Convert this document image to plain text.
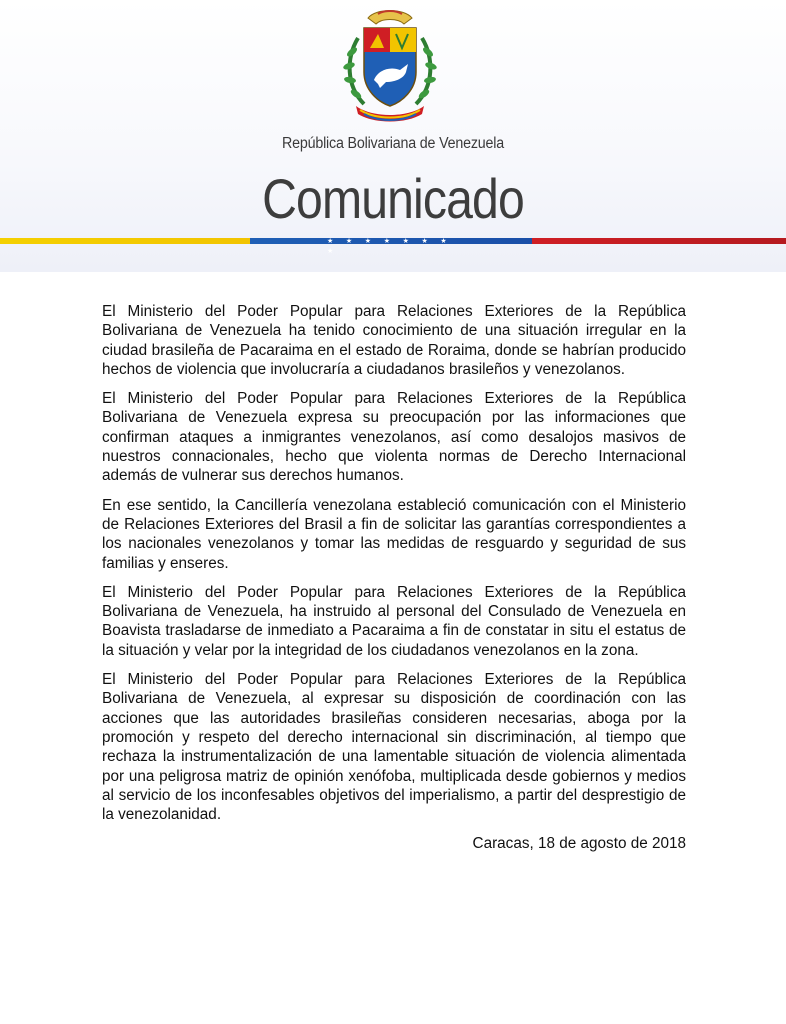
República Bolivariana de Venezuela
Comunicado
★ ★ ★ ★ ★ ★ ★ ★

El Ministerio del Poder Popular para Relaciones Exteriores de la República Bolivariana de Venezuela ha tenido conocimiento de una situación irregular en la ciudad brasileña de Pacaraima en el estado de Roraima, donde se habrían producido hechos de violencia que involucraría a ciudadanos brasileños y venezolanos.

El Ministerio del Poder Popular para Relaciones Exteriores de la República Bolivariana de Venezuela expresa su preocupación por las informaciones que confirman ataques a inmigrantes venezolanos, así como desalojos masivos de nuestros connacionales, hecho que violenta normas de Derecho Internacional además de vulnerar sus derechos humanos.

En ese sentido, la Cancillería venezolana estableció comunicación con el Ministerio de Relaciones Exteriores del Brasil a fin de solicitar las garantías correspondientes a los nacionales venezolanos y tomar las medidas de resguardo y seguridad de sus familias y enseres.

El Ministerio del Poder Popular para Relaciones Exteriores de la República Bolivariana de Venezuela, ha instruido al personal del Consulado de Venezuela en Boavista trasladarse de inmediato a Pacaraima a fin de constatar in situ el estatus de la situación y velar por la integridad de los ciudadanos venezolanos en la zona.

El Ministerio del Poder Popular para Relaciones Exteriores de la República Bolivariana de Venezuela, al expresar su disposición de coordinación con las acciones que las autoridades brasileñas consideren necesarias, aboga por la promoción y respeto del derecho internacional sin discriminación, al tiempo que rechaza la instrumentalización de una lamentable situación de violencia alimentada por una peligrosa matriz de opinión xenófoba, multiplicada desde gobiernos y medios al servicio de los inconfesables objetivos del imperialismo, a partir del desprestigio de la venezolanidad.

Caracas, 18 de agosto de 2018
